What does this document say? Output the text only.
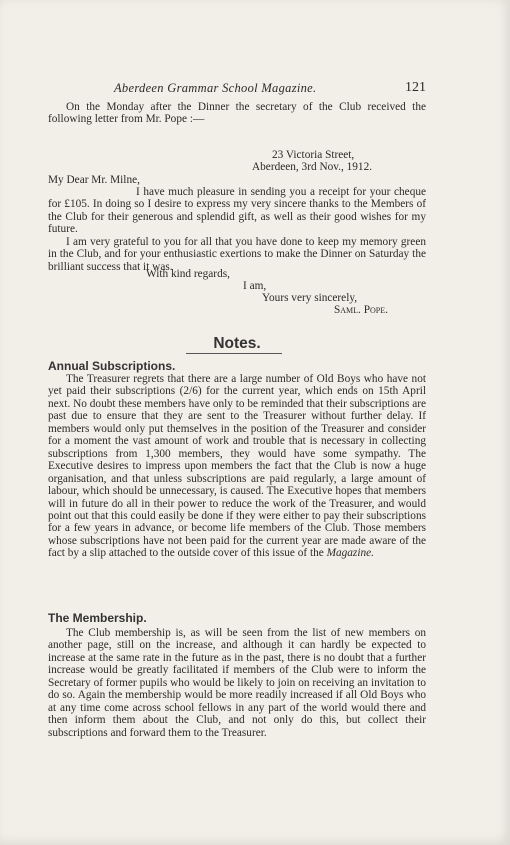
Aberdeen Grammar School Magazine.	121

On the Monday after the Dinner the secretary of the Club received the following letter from Mr. Pope :—

23 Victoria Street,
Aberdeen, 3rd Nov., 1912.
My Dear Mr. Milne,

I have much pleasure in sending you a receipt for your cheque for £105. In doing so I desire to express my very sincere thanks to the Members of the Club for their generous and splendid gift, as well as their good wishes for my future.

I am very grateful to you for all that you have done to keep my memory green in the Club, and for your enthusiastic exertions to make the Dinner on Saturday the brilliant success that it was.

With kind regards,
I am,
Yours very sincerely,
Saml. Pope.
Notes.
Annual Subscriptions.

The Treasurer regrets that there are a large number of Old Boys who have not yet paid their subscriptions (2/6) for the current year, which ends on 15th April next. No doubt these members have only to be reminded that their subscriptions are past due to ensure that they are sent to the Treasurer without further delay. If members would only put themselves in the position of the Treasurer and consider for a moment the vast amount of work and trouble that is necessary in collecting subscriptions from 1,300 members, they would have some sympathy. The Executive desires to impress upon members the fact that the Club is now a huge organisation, and that unless subscriptions are paid regularly, a large amount of labour, which should be unnecessary, is caused. The Executive hopes that members will in future do all in their power to reduce the work of the Treasurer, and would point out that this could easily be done if they were either to pay their subscriptions for a few years in advance, or become life members of the Club. Those members whose subscriptions have not been paid for the current year are made aware of the fact by a slip attached to the outside cover of this issue of the Magazine.

The Membership.

The Club membership is, as will be seen from the list of new members on another page, still on the increase, and although it can hardly be expected to increase at the same rate in the future as in the past, there is no doubt that a further increase would be greatly facilitated if members of the Club were to inform the Secretary of former pupils who would be likely to join on receiving an invitation to do so. Again the membership would be more readily increased if all Old Boys who at any time come across school fellows in any part of the world would there and then inform them about the Club, and not only do this, but collect their subscriptions and forward them to the Treasurer.
